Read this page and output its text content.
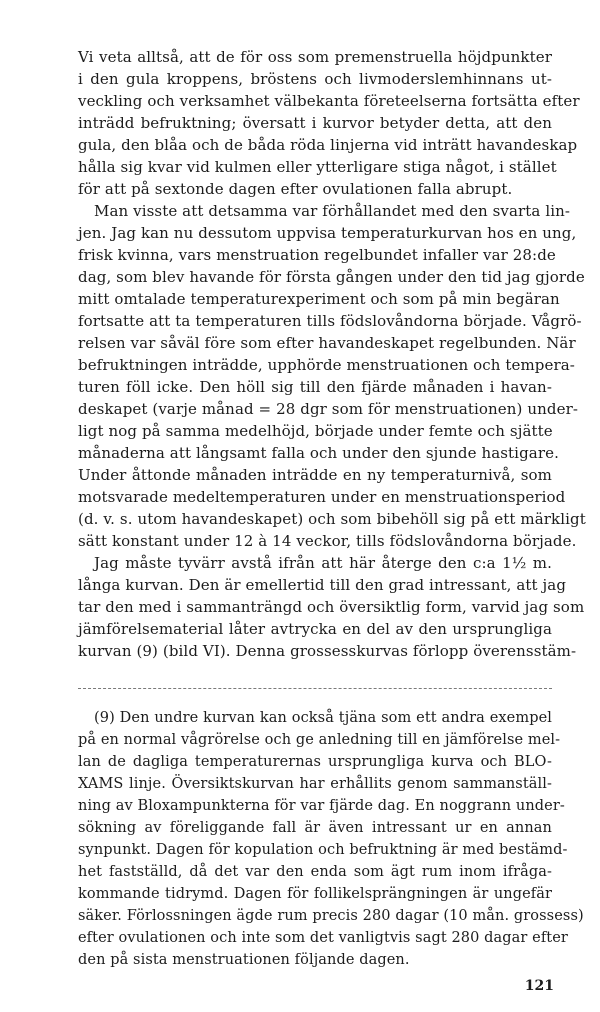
Vi veta alltså, att de för oss som premenstruella höjdpunkter
i den gula kroppens, bröstens och livmoderslemhinnans ut-
veckling och verksamhet välbekanta företeelserna fortsätta efter
inträdd befruktning; översatt i kurvor betyder detta, att den
gula, den blåa och de båda röda linjerna vid inträtt havandeskap
hålla sig kvar vid kulmen eller ytterligare stiga något, i stället
för att på sextonde dagen efter ovulationen falla abrupt.
Man visste att detsamma var förhållandet med den svarta lin-
jen. Jag kan nu dessutom uppvisa temperaturkurvan hos en ung,
frisk kvinna, vars menstruation regelbundet infaller var 28:de
dag, som blev havande för första gången under den tid jag gjorde
mitt omtalade temperaturexperiment och som på min begäran
fortsatte att ta temperaturen tills födslovåndorna började. Vågrö-
relsen var såväl före som efter havandeskapet regelbunden. När
befruktningen inträdde, upphörde menstruationen och tempera-
turen föll icke. Den höll sig till den fjärde månaden i havan-
deskapet (varje månad = 28 dgr som för menstruationen) under-
ligt nog på samma medelhöjd, började under femte och sjätte
månaderna att långsamt falla och under den sjunde hastigare.
Under åttonde månaden inträdde en ny temperaturnivå, som
motsvarade medeltemperaturen under en menstruationsperiod
(d. v. s. utom havandeskapet) och som bibehöll sig på ett märkligt
sätt konstant under 12 à 14 veckor, tills födslovåndorna började.
Jag måste tyvärr avstå ifrån att här återge den c:a 1½ m.
långa kurvan. Den är emellertid till den grad intressant, att jag
tar den med i sammanträngd och översiktlig form, varvid jag som
jämförelsematerial låter avtrycka en del av den ursprungliga
kurvan (9) (bild VI). Denna grossesskurvas förlopp överensstäm-
(9) Den undre kurvan kan också tjäna som ett andra exempel
på en normal vågrörelse och ge anledning till en jämförelse mel-
lan de dagliga temperaturernas ursprungliga kurva och BLO-
XAMS linje. Översiktskurvan har erhållits genom sammanställ-
ning av Bloxampunkterna för var fjärde dag. En noggrann under-
sökning av föreliggande fall är även intressant ur en annan
synpunkt. Dagen för kopulation och befruktning är med bestämd-
het fastställd, då det var den enda som ägt rum inom ifråga-
kommande tidrymd. Dagen för follikelsprängningen är ungefär
säker. Förlossningen ägde rum precis 280 dagar (10 mån. grossess)
efter ovulationen och inte som det vanligtvis sagt 280 dagar efter
den på sista menstruationen följande dagen.
121
